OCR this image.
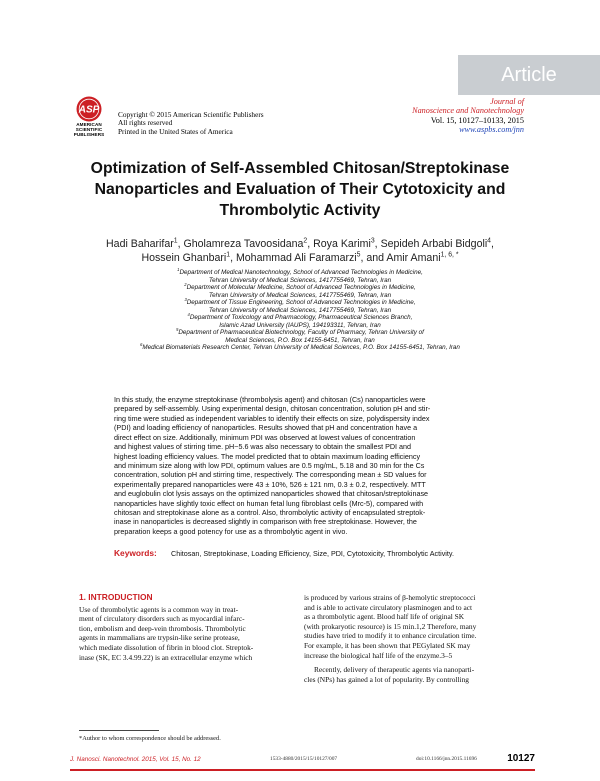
Article
ASP
AMERICAN
SCIENTIFIC
PUBLISHERS
Copyright © 2015 American Scientific Publishers
All rights reserved
Printed in the United States of America
Journal of
Nanoscience and Nanotechnology
Vol. 15, 10127–10133, 2015
www.aspbs.com/jnn
Optimization of Self-Assembled Chitosan/Streptokinase
Nanoparticles and Evaluation of Their Cytotoxicity and
Thrombolytic Activity
Hadi Baharifar$^1$, Gholamreza Tavoosidana$^2$, Roya Karimi$^3$, Sepideh Arbabi Bidgoli$^4$,
Hossein Ghanbari$^1$, Mohammad Ali Faramarzi$^5$, and Amir Amani$^{1, 6, *}$
$^1$Department of Medical Nanotechnology, School of Advanced Technologies in Medicine,
Tehran University of Medical Sciences, 1417755469, Tehran, Iran
$^2$Department of Molecular Medicine, School of Advanced Technologies in Medicine,
Tehran University of Medical Sciences, 1417755469, Tehran, Iran
$^3$Department of Tissue Engineering, School of Advanced Technologies in Medicine,
Tehran University of Medical Sciences, 1417755469, Tehran, Iran
$^4$Department of Toxicology and Pharmacology, Pharmaceutical Sciences Branch,
Islamic Azad University (IAUPS), 194193311, Tehran, Iran
$^5$Department of Pharmaceutical Biotechnology, Faculty of Pharmacy, Tehran University of
Medical Sciences, P.O. Box 14155-6451, Tehran, Iran
$^6$Medical Biomaterials Research Center, Tehran University of Medical Sciences, P.O. Box 14155-6451, Tehran, Iran
In this study, the enzyme streptokinase (thrombolysis agent) and chitosan (Cs) nanoparticles were
prepared by self-assembly. Using experimental design, chitosan concentration, solution pH and stir-
ring time were studied as independent variables to identify their effects on size, polydispersity index
(PDI) and loading efficiency of nanoparticles. Results showed that pH and concentration have a
direct effect on size. Additionally, minimum PDI was observed at lowest values of concentration
and highest values of stirring time. pH~5.6 was also necessary to obtain the smallest PDI and
highest loading efficiency values. The model predicted that to obtain maximum loading efficiency
and minimum size along with low PDI, optimum values are 0.5 mg/mL, 5.18 and 30 min for the Cs
concentration, solution pH and stirring time, respectively. The corresponding mean ± SD values for
experimentally prepared nanoparticles were 43 ± 10%, 526 ± 121 nm, 0.3 ± 0.2, respectively. MTT
and euglobulin clot lysis assays on the optimized nanoparticles showed that chitosan/streptokinase
nanoparticles have slightly toxic effect on human fetal lung fibroblast cells (Mrc-5), compared with
chitosan and streptokinase alone as a control. Also, thrombolytic activity of encapsulated streptok-
inase in nanoparticles is decreased slightly in comparison with free streptokinase. However, the
preparation keeps a good potency for use as a thrombolytic agent in vivo.
Keywords: Chitosan, Streptokinase, Loading Efficiency, Size, PDI, Cytotoxicity, Thrombolytic Activity.
1. INTRODUCTION

Use of thrombolytic agents is a common way in treat-
ment of circulatory disorders such as myocardial infarc-
tion, embolism and deep-vein thrombosis. Thrombolytic
agents in mammalians are trypsin-like serine protease,
which mediate dissolution of fibrin in blood clot. Streptok-
inase (SK, EC 3.4.99.22) is an extracellular enzyme which

is produced by various strains of β-hemolytic streptococci
and is able to activate circulatory plasminogen and to act
as a thrombolytic agent. Blood half life of original SK
(with prokaryotic resource) is 15 min.1,2 Therefore, many
studies have tried to modify it to enhance circulation time.
For example, it has been shown that PEGylated SK may
increase the biological half life of the enzyme.3–5

Recently, delivery of therapeutic agents via nanoparti-
cles (NPs) has gained a lot of popularity. By controlling

*Author to whom correspondence should be addressed.
J. Nanosci. Nanotechnol. 2015, Vol. 15, No. 12	1533-4880/2015/15/10127/007	doi:10.1166/jnn.2015.11696	10127
